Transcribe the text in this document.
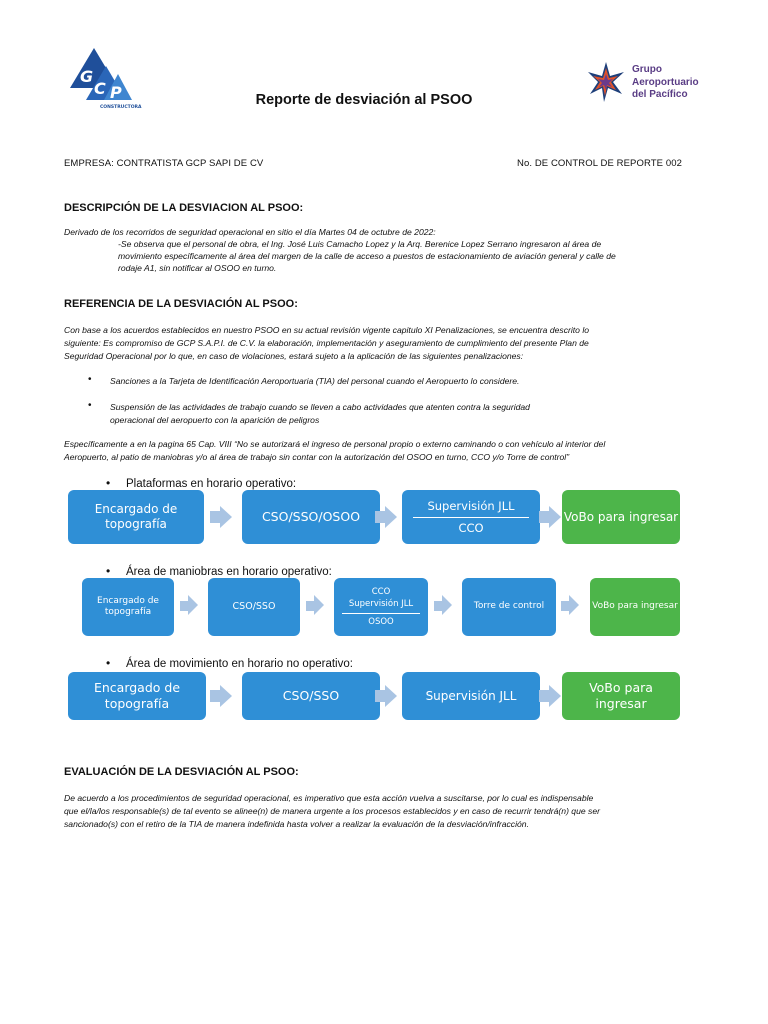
G
C P
CONSTRUCTORA	Reporte de desviación al PSOO
Grupo
Aeroportuario
del Pacífico
EMPRESA: CONTRATISTA GCP SAPI DE CV	No. DE CONTROL DE REPORTE 002
DESCRIPCIÓN DE LA DESVIACION AL PSOO:
Derivado de los recorridos de seguridad operacional en sitio el día Martes 04 de octubre de 2022:
-Se observa que el personal de obra, el Ing. José Luis Camacho Lopez y la Arq. Berenice Lopez Serrano ingresaron al área de
movimiento específicamente al área del margen de la calle de acceso a puestos de estacionamiento de aviación general y calle de
rodaje A1, sin notificar al OSOO en turno.
REFERENCIA DE LA DESVIACIÓN AL PSOO:
Con base a los acuerdos establecidos en nuestro PSOO en su actual revisión vigente capitulo XI Penalizaciones, se encuentra descrito lo
siguiente: Es compromiso de GCP S.A.P.I. de C.V. la elaboración, implementación y aseguramiento de cumplimiento del presente Plan de
Seguridad Operacional por lo que, en caso de violaciones, estará sujeto a la aplicación de las siguientes penalizaciones:
• Sanciones a la Tarjeta de Identificación Aeroportuaria (TIA) del personal cuando el Aeropuerto lo considere.
• Suspensión de las actividades de trabajo cuando se lleven a cabo actividades que atenten contra la seguridad
operacional del aeropuerto con la aparición de peligros
Específicamente a en la pagina 65 Cap. VIII “No se autorizará el ingreso de personal propio o externo caminando o con vehículo al interior del
Aeropuerto, al patio de maniobras y/o al área de trabajo sin contar con la autorización del OSOO en turno, CCO y/o Torre de control”
• Plataformas en horario operativo:
Encargado de topografía	CSO/SSO/OSOO
Supervisión JLL
CCO
VoBo para ingresar
• Área de maniobras en horario operativo:
Encargado de topografía	CSO/SSO
CCO
Supervisión JLL
OSOO
Torre de control	VoBo para ingresar
• Área de movimiento en horario no operativo:
Encargado de topografía
CSO/SSO	Supervisión JLL
VoBo para ingresar
EVALUACIÓN DE LA DESVIACIÓN AL PSOO:
De acuerdo a los procedimientos de seguridad operacional, es imperativo que esta acción vuelva a suscitarse, por lo cual es indispensable
que el/la/los responsable(s) de tal evento se alinee(n) de manera urgente a los procesos establecidos y en caso de recurrir tendrá(n) que ser
sancionado(s) con el retiro de la TIA de manera indefinida hasta volver a realizar la evaluación de la desviación/infracción.
